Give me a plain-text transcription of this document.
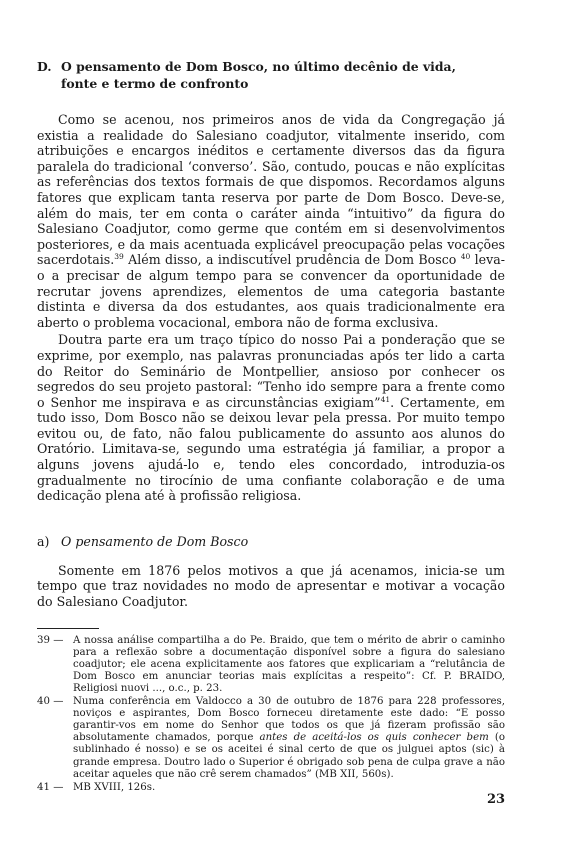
D. O pensamento de Dom Bosco, no último decênio de vida,
fonte e termo de confronto

Como se acenou, nos primeiros anos de vida da Congregação já existia a realidade do Salesiano coadjutor, vitalmente inserido, com atribuições e encargos inéditos e certamente diversos das da figura paralela do tradicional ‘converso’. São, contudo, poucas e não explícitas as referências dos textos formais de que dispomos. Recordamos alguns fatores que explicam tanta reserva por parte de Dom Bosco. Deve-se, além do mais, ter em conta o caráter ainda “intuitivo” da figura do Salesiano Coadjutor, como germe que contém em si desenvolvimentos posteriores, e da mais acentuada explicável preocupação pelas vocações sacerdotais.$^{39}$ Além disso, a indiscutível prudência de Dom Bosco $^{40}$ leva-o a precisar de algum tempo para se convencer da oportunidade de recrutar jovens aprendizes, elementos de uma categoria bastante distinta e diversa da dos estudantes, aos quais tradicionalmente era aberto o problema vocacional, embora não de forma exclusiva.

Doutra parte era um traço típico do nosso Pai a ponderação que se exprime, por exemplo, nas palavras pronunciadas após ter lido a carta do Reitor do Seminário de Montpellier, ansioso por conhecer os segredos do seu projeto pastoral: “Tenho ido sempre para a frente como o Senhor me inspirava e as circunstâncias exigiam”$^{41}$. Certamente, em tudo isso, Dom Bosco não se deixou levar pela pressa. Por muito tempo evitou ou, de fato, não falou publicamente do assunto aos alunos do Oratório. Limitava-se, segundo uma estratégia já familiar, a propor a alguns jovens ajudá-lo e, tendo eles concordado, introduzia-os gradualmente no tirocínio de uma confiante colaboração e de uma dedicação plena até à profissão religiosa.

a) O pensamento de Dom Bosco

Somente em 1876 pelos motivos a que já acenamos, inicia-se um tempo que traz novidades no modo de apresentar e motivar a vocação do Salesiano Coadjutor.

39 — A nossa análise compartilha a do Pe. Braido, que tem o mérito de abrir o caminho para a reflexão sobre a documentação disponível sobre a figura do salesiano coadjutor; ele acena explicitamente aos fatores que explicariam a “relutância de Dom Bosco em anunciar teorias mais explícitas a respeito”: Cf. P. BRAIDO, Religiosi nuovi ..., o.c., p. 23.
40 — Numa conferência em Valdocco a 30 de outubro de 1876 para 228 professores, noviços e aspirantes, Dom Bosco forneceu diretamente este dado: “E posso garantir-vos em nome do Senhor que todos os que já fizeram profissão são absolutamente chamados, porque antes de aceitá-los os quis conhecer bem (o sublinhado é nosso) e se os aceitei é sinal certo de que os julguei aptos (sic) à grande empresa. Doutro lado o Superior é obrigado sob pena de culpa grave a não aceitar aqueles que não crê serem chamados” (MB XII, 560s).
41 — MB XVIII, 126s.
23
